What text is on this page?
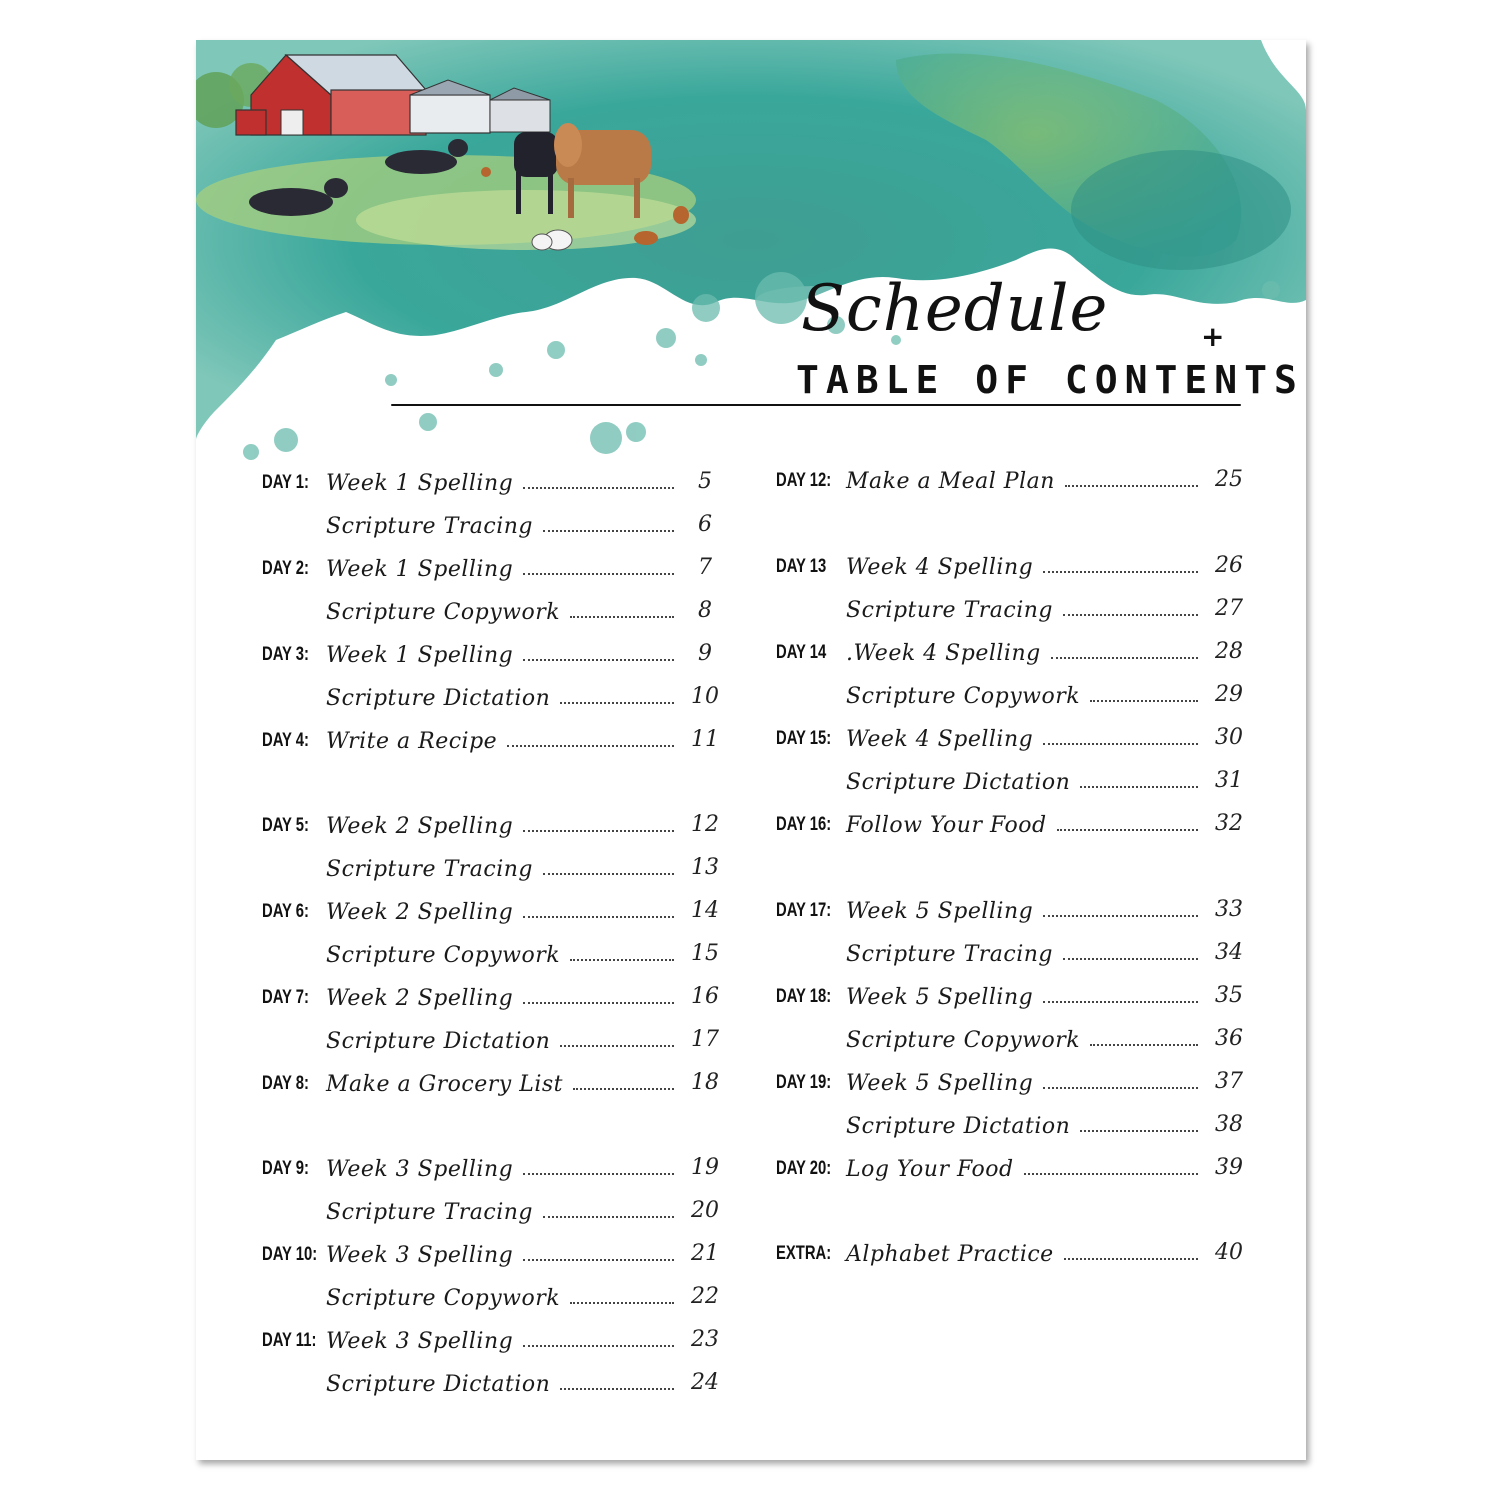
Schedule	+
TABLE OF CONTENTS
DAY 1: Week 1 Spelling	5
Scripture Tracing	6
DAY 2: Week 1 Spelling	7
Scripture Copywork	8
DAY 3: Week 1 Spelling	9
Scripture Dictation	10
DAY 4: Write a Recipe	11
DAY 5: Week 2 Spelling	12
Scripture Tracing	13
DAY 6: Week 2 Spelling	14
Scripture Copywork	15
DAY 7: Week 2 Spelling	16
Scripture Dictation	17
DAY 8: Make a Grocery List	18
DAY 9: Week 3 Spelling	19
Scripture Tracing	20
DAY 10: Week 3 Spelling	21
Scripture Copywork	22
DAY 11: Week 3 Spelling	23
Scripture Dictation	24
DAY 12: Make a Meal Plan	25
DAY 13 Week 4 Spelling	26
Scripture Tracing	27
DAY 14 .Week 4 Spelling	28
Scripture Copywork	29
DAY 15: Week 4 Spelling	30
Scripture Dictation	31
DAY 16: Follow Your Food	32
DAY 17: Week 5 Spelling	33
Scripture Tracing	34
DAY 18: Week 5 Spelling	35
Scripture Copywork	36
DAY 19: Week 5 Spelling	37
Scripture Dictation	38
DAY 20: Log Your Food	39
EXTRA: Alphabet Practice	40
